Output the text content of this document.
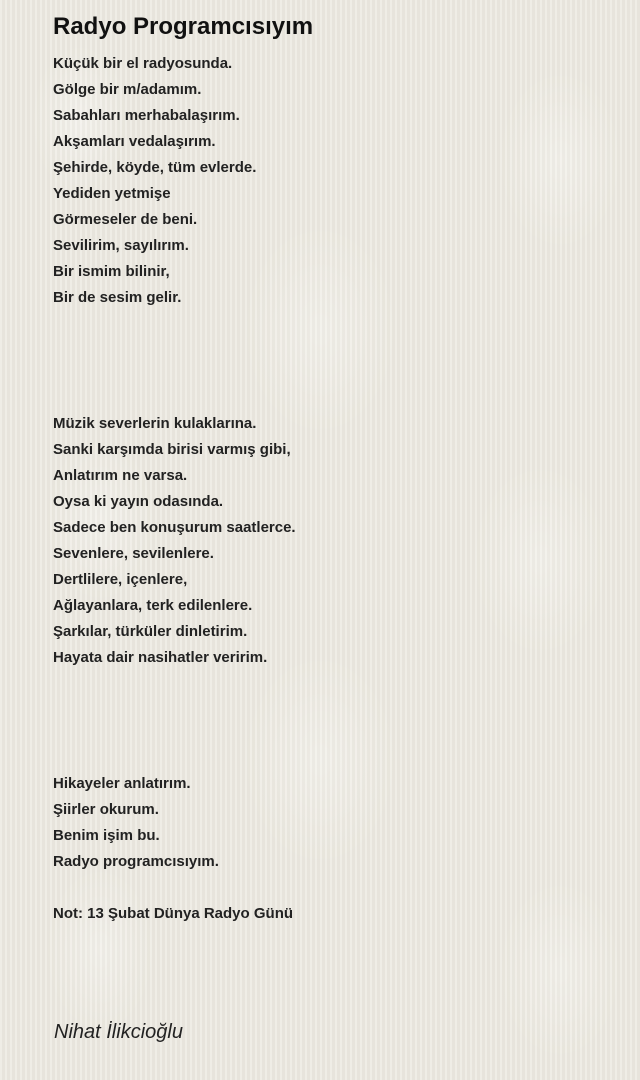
Radyo Programcısıyım
Küçük bir el radyosunda.
Gölge bir m/adamım.
Sabahları merhabalaşırım.
Akşamları vedalaşırım.
Şehirde, köyde, tüm evlerde.
Yediden yetmişe
Görmeseler de beni.
Sevilirim, sayılırım.
Bir ismim bilinir,
Bir de sesim gelir.
Müzik severlerin kulaklarına.
Sanki karşımda birisi varmış gibi,
Anlatırım ne varsa.
Oysa ki yayın odasında.
Sadece ben konuşurum saatlerce.
Sevenlere, sevilenlere.
Dertlilere, içenlere,
Ağlayanlara, terk edilenlere.
Şarkılar, türküler dinletirim.
Hayata dair nasihatler veririm.
Hikayeler anlatırım.
Şiirler okurum.
Benim işim bu.
Radyo programcısıyım.

Not: 13 Şubat Dünya Radyo Günü

Nihat İlikcioğlu
